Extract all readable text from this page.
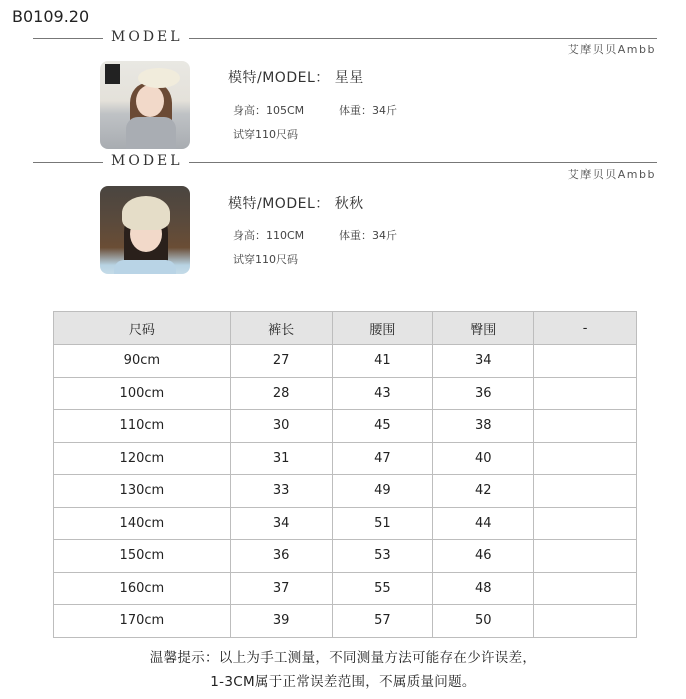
B0109.20
MODEL
艾摩贝贝Ambb
模特/MODEL： 星星
身高：105CM	体重：34斤
试穿110尺码
MODEL
艾摩贝贝Ambb
模特/MODEL： 秋秋
身高：110CM	体重：34斤
试穿110尺码
尺码	裤长	腰围	臀围	-
90cm	27	41	34	
100cm	28	43	36	
110cm	30	45	38	
120cm	31	47	40	
130cm	33	49	42	
140cm	34	51	44	
150cm	36	53	46	
160cm	37	55	48	
170cm	39	57	50	
温馨提示：以上为手工测量，不同测量方法可能存在少许误差，
1-3CM属于正常误差范围，不属质量问题。
